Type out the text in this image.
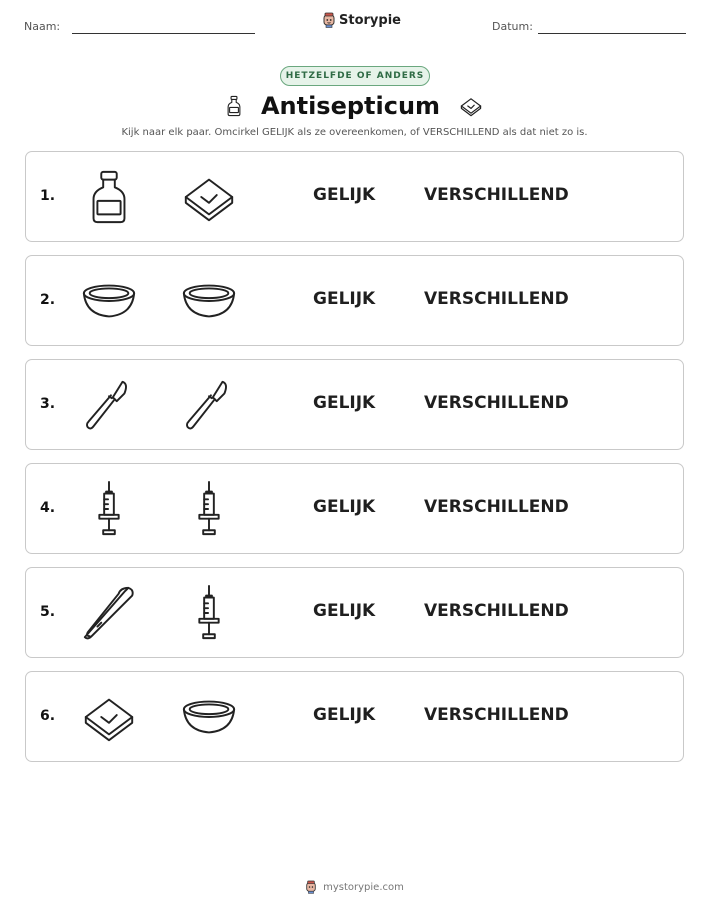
Naam:	Storypie	Datum:
HETZELFDE OF ANDERS
Antisepticum
Kijk naar elk paar. Omcirkel GELIJK als ze overeenkomen, of VERSCHILLEND als dat niet zo is.
1.	GELIJK	VERSCHILLEND
2.	GELIJK	VERSCHILLEND
3.	GELIJK	VERSCHILLEND
4.	GELIJK	VERSCHILLEND
5.	GELIJK	VERSCHILLEND
6.	GELIJK	VERSCHILLEND
mystorypie.com
